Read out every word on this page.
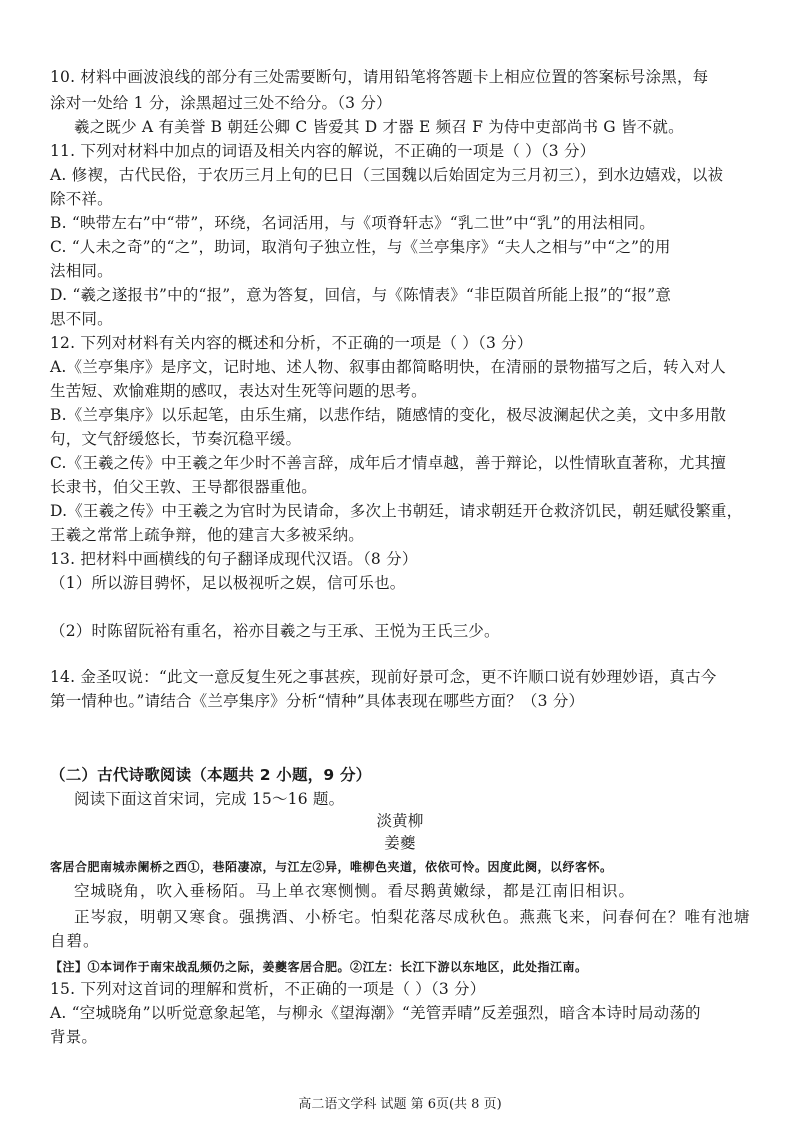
10. 材料中画波浪线的部分有三处需要断句，请用铅笔将答题卡上相应位置的答案标号涂黑，每
涂对一处给 1 分，涂黑超过三处不给分。（3 分）
羲之既少 A 有美誉 B 朝廷公卿 C 皆爱其 D 才器 E 频召 F 为侍中吏部尚书 G 皆不就。
11. 下列对材料中加点的词语及相关内容的解说，不正确的一项是（ ）（3 分）
A. 修褉，古代民俗，于农历三月上旬的巳日（三国魏以后始固定为三月初三），到水边嬉戏，以祓
除不祥。
B. “映带左右”中“带”，环绕，名词活用，与《项脊轩志》“乳二世”中“乳”的用法相同。
C. “人未之奇”的“之”，助词，取消句子独立性，与《兰亭集序》“夫人之相与”中“之”的用
法相同。
D. “羲之遂报书”中的“报”，意为答复，回信，与《陈情表》“非臣陨首所能上报”的“报”意
思不同。
12. 下列对材料有关内容的概述和分析，不正确的一项是（ ）（3 分）
A.《兰亭集序》是序文，记时地、述人物、叙事由都简略明快，在清丽的景物描写之后，转入对人
生苦短、欢愉难期的感叹，表达对生死等问题的思考。
B.《兰亭集序》以乐起笔，由乐生痛，以悲作结，随感情的变化，极尽波澜起伏之美，文中多用散
句，文气舒缓悠长，节奏沉稳平缓。
C.《王羲之传》中王羲之年少时不善言辞，成年后才情卓越，善于辩论，以性情耿直著称，尤其擅
长隶书，伯父王敦、王导都很器重他。
D.《王羲之传》中王羲之为官时为民请命，多次上书朝廷，请求朝廷开仓救济饥民，朝廷赋役繁重，
王羲之常常上疏争辩，他的建言大多被采纳。
13. 把材料中画横线的句子翻译成现代汉语。（8 分）
（1）所以游目骋怀，足以极视听之娱，信可乐也。
（2）时陈留阮裕有重名，裕亦目羲之与王承、王悦为王氏三少。
14. 金圣叹说：“此文一意反复生死之事甚疾，现前好景可念，更不许顺口说有妙理妙语，真古今
第一情种也。”请结合《兰亭集序》分析“情种”具体表现在哪些方面？（3 分）
（二）古代诗歌阅读（本题共 2 小题，9 分）
阅读下面这首宋词，完成 15～16 题。
淡黄柳
姜夔
客居合肥南城赤阑桥之西①，巷陌凄凉，与江左②异，唯柳色夹道，依依可怜。因度此阕，以纾客怀。
空城晓角，吹入垂杨陌。马上单衣寒恻恻。看尽鹅黄嫩绿，都是江南旧相识。
正岑寂，明朝又寒食。强携酒、小桥宅。怕梨花落尽成秋色。燕燕飞来，问春何在？唯有池塘
自碧。
【注】①本词作于南宋战乱频仍之际，姜夔客居合肥。②江左：长江下游以东地区，此处指江南。
15. 下列对这首词的理解和赏析，不正确的一项是（ ）（3 分）
A. “空城晓角”以听觉意象起笔，与柳永《望海潮》“羌管弄晴”反差强烈，暗含本诗时局动荡的
背景。
高二语文学科 试题 第 6页(共 8 页)
